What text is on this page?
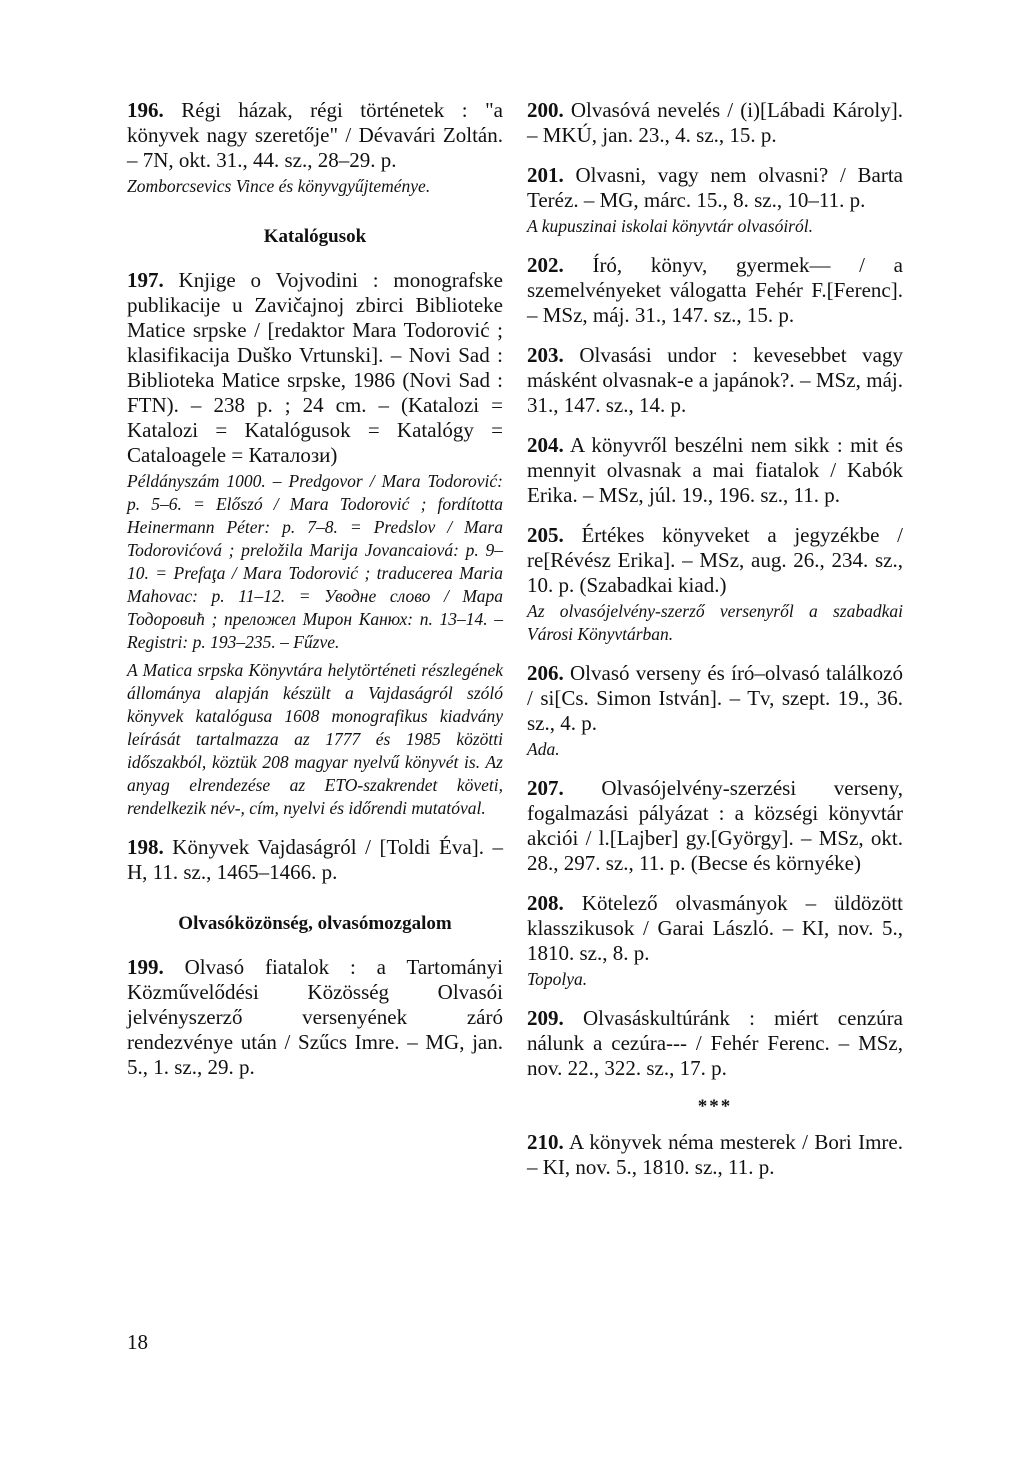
196. Régi házak, régi történetek : "a könyvek nagy szeretője" / Dévavári Zoltán. – 7N, okt. 31., 44. sz., 28–29. p.

Zomborcsevics Vince és könyvgyűjteménye.

Katalógusok

197. Knjige o Vojvodini : monografske publikacije u Zavičajnoj zbirci Biblioteke Matice srpske / [redaktor Mara Todorović ; klasifikacija Duško Vrtunski]. – Novi Sad : Biblioteka Matice srpske, 1986 (Novi Sad : FTN). – 238 p. ; 24 cm. – (Katalozi = Katalozi = Katalógusok = Katalógy = Cataloagele = Каталози)

Példányszám 1000. – Predgovor / Mara Todorović: p. 5–6. = Előszó / Mara Todorović ; fordította Heinermann Péter: p. 7–8. = Predslov / Mara Todorovićová ; preložila Marija Jovancaiová: p. 9–10. = Prefaţa / Mara Todorović ; traducerea Maria Mahovac: p. 11–12. = Уводне слово / Мара Тодоровић ; преложел Мирон Канюх: п. 13–14. – Registri: p. 193–235. – Fűzve.

A Matica srpska Könyvtára helytörténeti részlegének állománya alapján készült a Vajdaságról szóló könyvek katalógusa 1608 monografikus kiadvány leírását tartalmazza az 1777 és 1985 közötti időszakból, köztük 208 magyar nyelvű könyvét is. Az anyag elrendezése az ETO-szakrendet követi, rendelkezik név-, cím, nyelvi és időrendi mutatóval.

198. Könyvek Vajdaságról / [Toldi Éva]. – H, 11. sz., 1465–1466. p.

Olvasóközönség, olvasómozgalom

199. Olvasó fiatalok : a Tartományi Közművelődési Közösség Olvasói jelvényszerző versenyének záró rendezvénye után / Szűcs Imre. – MG, jan. 5., 1. sz., 29. p.

200. Olvasóvá nevelés / (i)[Lábadi Károly]. – MKÚ, jan. 23., 4. sz., 15. p.

201. Olvasni, vagy nem olvasni? / Barta Teréz. – MG, márc. 15., 8. sz., 10–11. p.

A kupuszinai iskolai könyvtár olvasóiról.

202. Író, könyv, gyermek— / a szemelvényeket válogatta Fehér F.[Ferenc]. – MSz, máj. 31., 147. sz., 15. p.

203. Olvasási undor : kevesebbet vagy másként olvasnak-e a japánok?. – MSz, máj. 31., 147. sz., 14. p.

204. A könyvről beszélni nem sikk : mit és mennyit olvasnak a mai fiatalok / Kabók Erika. – MSz, júl. 19., 196. sz., 11. p.

205. Értékes könyveket a jegyzékbe / re[Révész Erika]. – MSz, aug. 26., 234. sz., 10. p. (Szabadkai kiad.)

Az olvasójelvény-szerző versenyről a szabadkai Városi Könyvtárban.

206. Olvasó verseny és író–olvasó találkozó / si[Cs. Simon István]. – Tv, szept. 19., 36. sz., 4. p.

Ada.

207. Olvasójelvény-szerzési verseny, fogalmazási pályázat : a községi könyvtár akciói / l.[Lajber] gy.[György]. – MSz, okt. 28., 297. sz., 11. p. (Becse és környéke)

208. Kötelező olvasmányok – üldözött klasszikusok / Garai László. – KI, nov. 5., 1810. sz., 8. p.

Topolya.

209. Olvasáskultúránk : miért cenzúra nálunk a cezúra--- / Fehér Ferenc. – MSz, nov. 22., 322. sz., 17. p.

***

210. A könyvek néma mesterek / Bori Imre. – KI, nov. 5., 1810. sz., 11. p.

18
